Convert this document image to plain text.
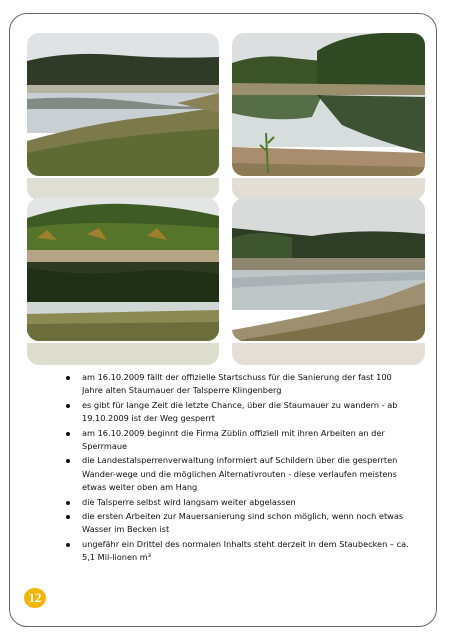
am 16.10.2009 fällt der offizielle Startschuss für die Sanierung der fast 100 Jahre alten Staumauer der Talsperre Klingenberg
es gibt für lange Zeit die letzte Chance, über die Staumauer zu wandern - ab 19.10.2009 ist der Weg gesperrt
am 16.10.2009 beginnt die Firma Züblin offiziell mit ihren Arbeiten an der Sperrmaue
die Landestalsperrenverwaltung informiert auf Schildern über die gesperrten Wander-wege und die möglichen Alternativrouten - diese verlaufen meistens etwas weiter oben am Hang
die Talsperre selbst wird langsam weiter abgelassen
die ersten Arbeiten zur Mauersanierung sind schon möglich, wenn noch etwas Wasser im Becken ist
ungefähr ein Drittel des normalen Inhalts steht derzeit in dem Staubecken – ca. 5,1 Mil-lionen m³
12
